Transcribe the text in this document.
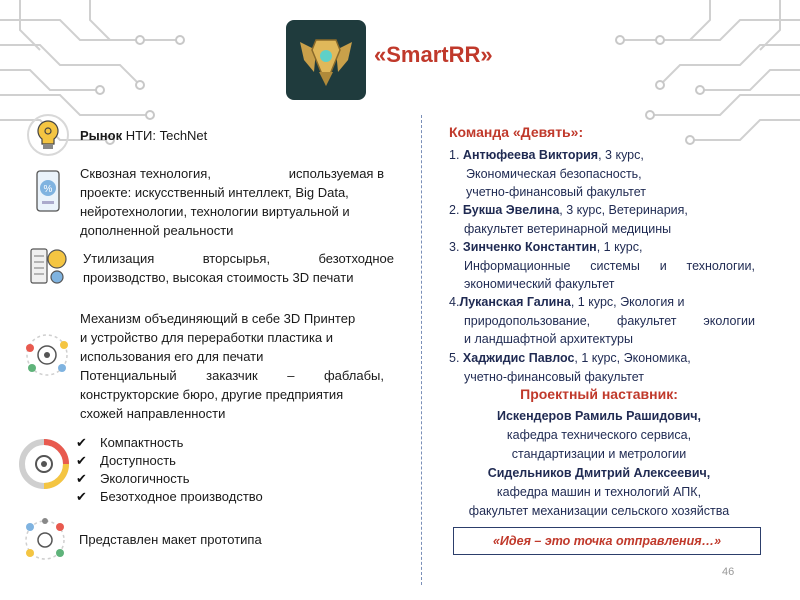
«SmartRR»
%
Рынок НТИ: TechNet
Сквозная технология,	используемая в
проекте: искусственный интеллект, Big Data,
нейротехнологии, технологии виртуальной и
дополненной реальности
Утилизация	вторсырья,	безотходное
производство, высокая стоимость 3D печати
Механизм объединяющий в себе 3D Принтер
и устройство для переработки пластика и
использования его для печати
Потенциальный заказчик – фаблабы,
конструкторские бюро, другие предприятия
схожей направленности
✔ Компактность
✔ Доступность
✔ Экологичность
✔ Безотходное производство
Представлен макет прототипа
Команда «Девять»:
1. Антюфеева Виктория, 3 курс,
Экономическая безопасность,
учетно-финансовый факультет
2. Букша Эвелина, 3 курс, Ветеринария,
факультет ветеринарной медицины
3. Зинченко Константин, 1 курс,
Информационные системы и технологии,
экономический факультет
4.Луканская Галина, 1 курс, Экология и
природопользование, факультет экологии
и ландшафтной архитектуры
5. Хаджидис Павлос, 1 курс, Экономика,
учетно-финансовый факультет
Проектный наставник:
Искендеров Рамиль Рашидович,
кафедра технического сервиса,
стандартизации и метрологии
Сидельников Дмитрий Алексеевич,
кафедра машин и технологий АПК,
факультет механизации сельского хозяйства
«Идея – это точка отправления…»
46
